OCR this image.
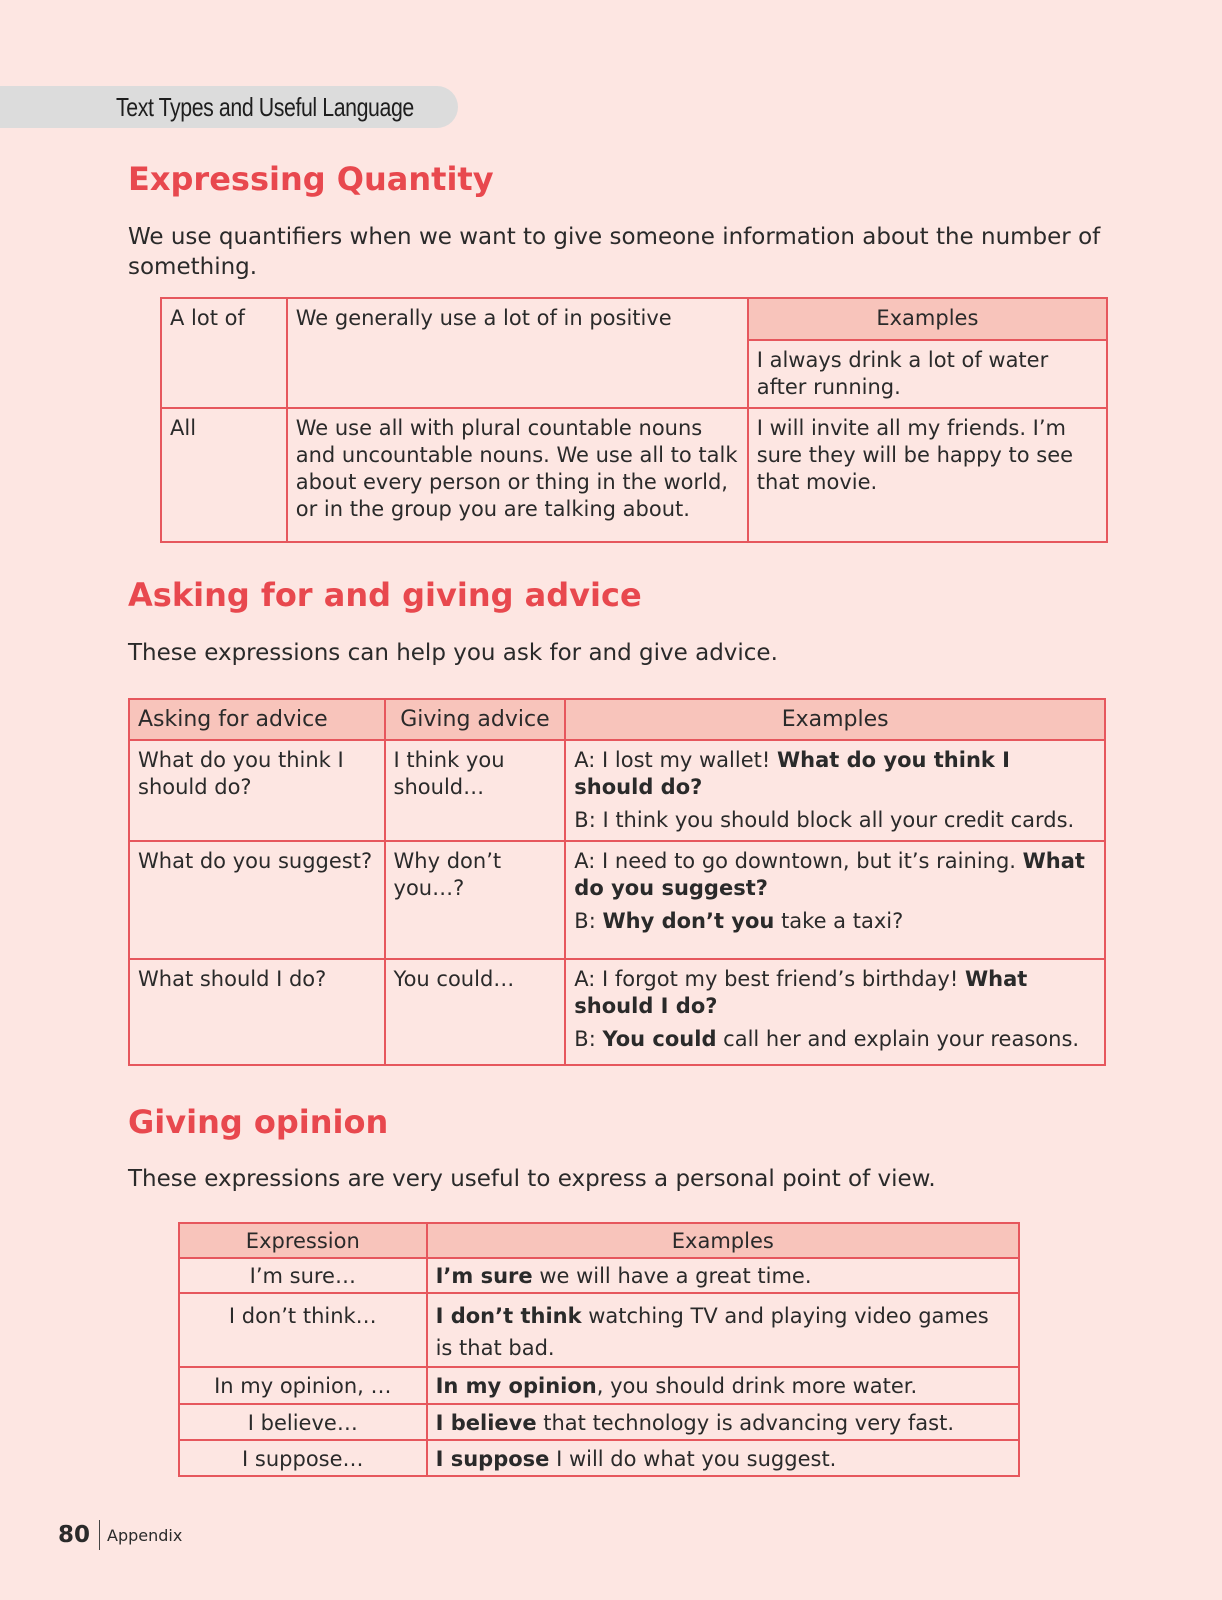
Text Types and Useful Language
Expressing Quantity

We use quantifiers when we want to give someone information about the number of something.

A lot of	We generally use a lot of in positive	Examples
		I always drink a lot of water after running.
All	We use all with plural countable nouns and uncountable nouns. We use all to talk about every person or thing in the world, or in the group you are talking about.	I will invite all my friends. I’m sure they will be happy to see that movie.
Asking for and giving advice

These expressions can help you ask for and give advice.

Asking for advice	Giving advice	Examples
What do you think I should do?	I think you should…	A: I lost my wallet! What do you think I should do?
B: I think you should block all your credit cards.

What do you suggest?	Why don’t you…?	A: I need to go downtown, but it’s raining. What do you suggest?
B: Why don’t you take a taxi?

What should I do?	You could…	A: I forgot my best friend’s birthday! What should I do?
B: You could call her and explain your reasons.
Giving opinion

These expressions are very useful to express a personal point of view.

Expression	Examples
I’m sure…	I’m sure we will have a great time.
I don’t think…	I don’t think watching TV and playing video games is that bad.
In my opinion, …	In my opinion, you should drink more water.
I believe…	I believe that technology is advancing very fast.
I suppose…	I suppose I will do what you suggest.
80 Appendix
